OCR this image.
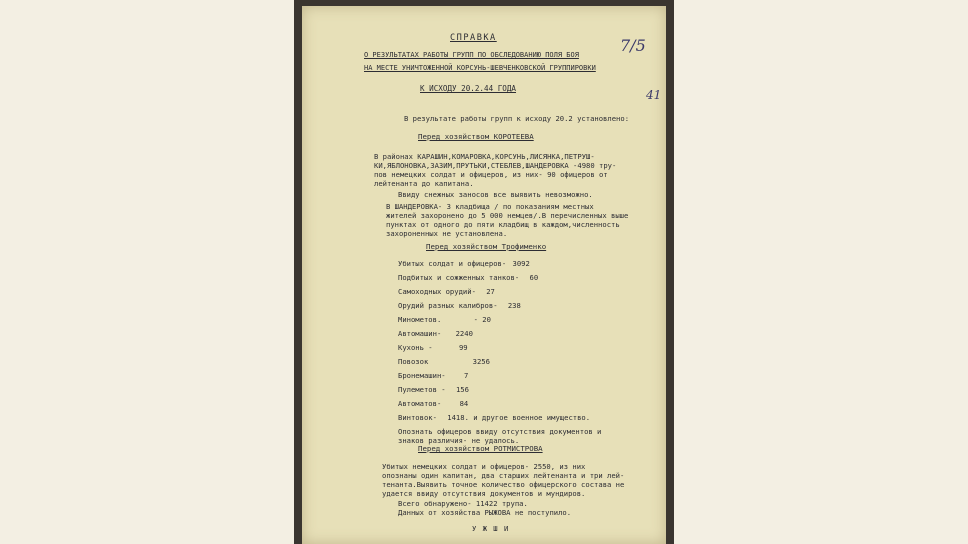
СПРАВКА
О РЕЗУЛЬТАТАХ РАБОТЫ ГРУПП ПО ОБСЛЕДОВАНИЮ ПОЛЯ БОЯ
НА МЕСТЕ УНИЧТОЖЕННОЙ КОРСУНЬ-ШЕВЧЕНКОВСКОЙ ГРУППИРОВКИ
К ИСХОДУ 20.2.44 ГОДА
7/5
41
В результате работы групп к исходу 20.2 установлено:
Перед хозяйством КОРОТЕЕВА
В районах КАРАШИН,КОМАРОВКА,КОРСУНЬ,ЛИСЯНКА,ПЕТРУШ-
КИ,ЯБЛОНОВКА,ЗАЗИМ,ПРУТЬКИ,СТЕБЛЕВ,ШАНДЕРОВКА -4980 тру-
пов немецких солдат и офицеров, из них- 90 офицеров от
лейтенанта до капитана.
Ввиду снежных заносов все выявить невозможно.
В ШАНДЕРОВКА- 3 кладбища / по показаниям местных
жителей захоронено до 5 000 немцев/.В перечисленных выше
пунктах от одного до пяти кладбищ в каждом,численность
захороненных не установлена.
Перед хозяйством Трофименко
Убитых солдат и офицеров- 3092
Подбитых и сожженных танков- 60
Самоходных орудий- 27
Орудий разных калибров- 238
Минометов.	- 20
Автомашин- 2240
Кухонь -	99
Повозок	3256
Бронемашин-	7
Пулеметов - 156
Автоматов-	84
Винтовок- 1418. и другое военное имущество.
Опознать офицеров ввиду отсутствия документов и
знаков различия- не удалось.
Перед хозяйством РОТМИСТРОВА
Убитых немецких солдат и офицеров- 2550, из них
опознаны один капитан, два старших лейтенанта и три лей-
тенанта.Выявить точное количество офицерского состава не
удается ввиду отсутствия документов и мундиров.
Всего обнаружено- 11422 трупа.
Данных от хозяйства РЫЖОВА не поступило.
У Ж Ш И
